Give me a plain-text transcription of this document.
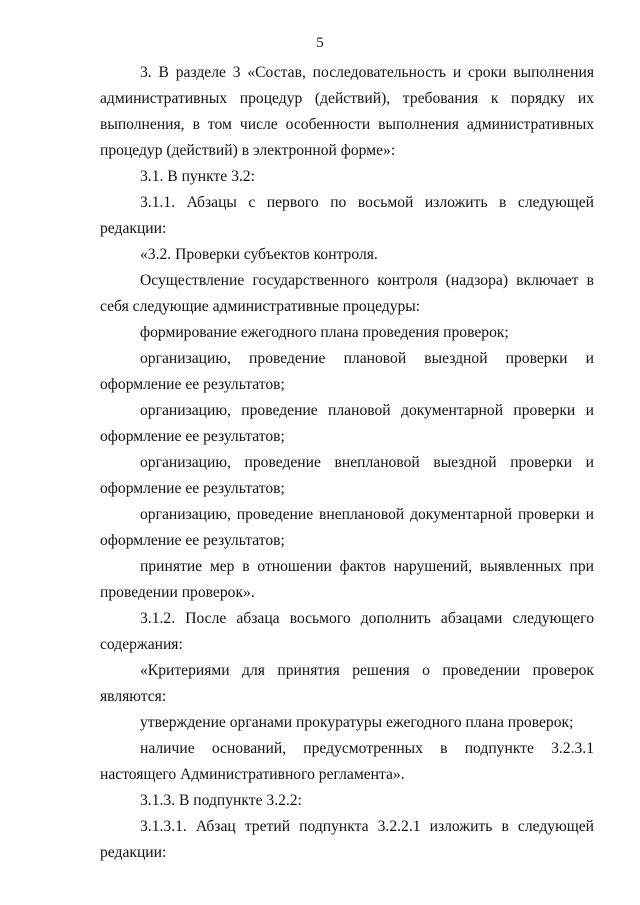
5

3. В разделе 3 «Состав, последовательность и сроки выполнения административных процедур (действий), требования к порядку их выполнения, в том числе особенности выполнения административных процедур (действий) в электронной форме»:

3.1. В пункте 3.2:

3.1.1. Абзацы с первого по восьмой изложить в следующей редакции:

«3.2. Проверки субъектов контроля.

Осуществление государственного контроля (надзора) включает в себя следующие административные процедуры:

формирование ежегодного плана проведения проверок;

организацию, проведение плановой выездной проверки и оформление ее результатов;

организацию, проведение плановой документарной проверки и оформление ее результатов;

организацию, проведение внеплановой выездной проверки и оформление ее результатов;

организацию, проведение внеплановой документарной проверки и оформление ее результатов;

принятие мер в отношении фактов нарушений, выявленных при проведении проверок».

3.1.2. После абзаца восьмого дополнить абзацами следующего содержания:

«Критериями для принятия решения о проведении проверок являются:

утверждение органами прокуратуры ежегодного плана проверок;

наличие оснований, предусмотренных в подпункте 3.2.3.1 настоящего Административного регламента».

3.1.3. В подпункте 3.2.2:

3.1.3.1. Абзац третий подпункта 3.2.2.1 изложить в следующей редакции:
